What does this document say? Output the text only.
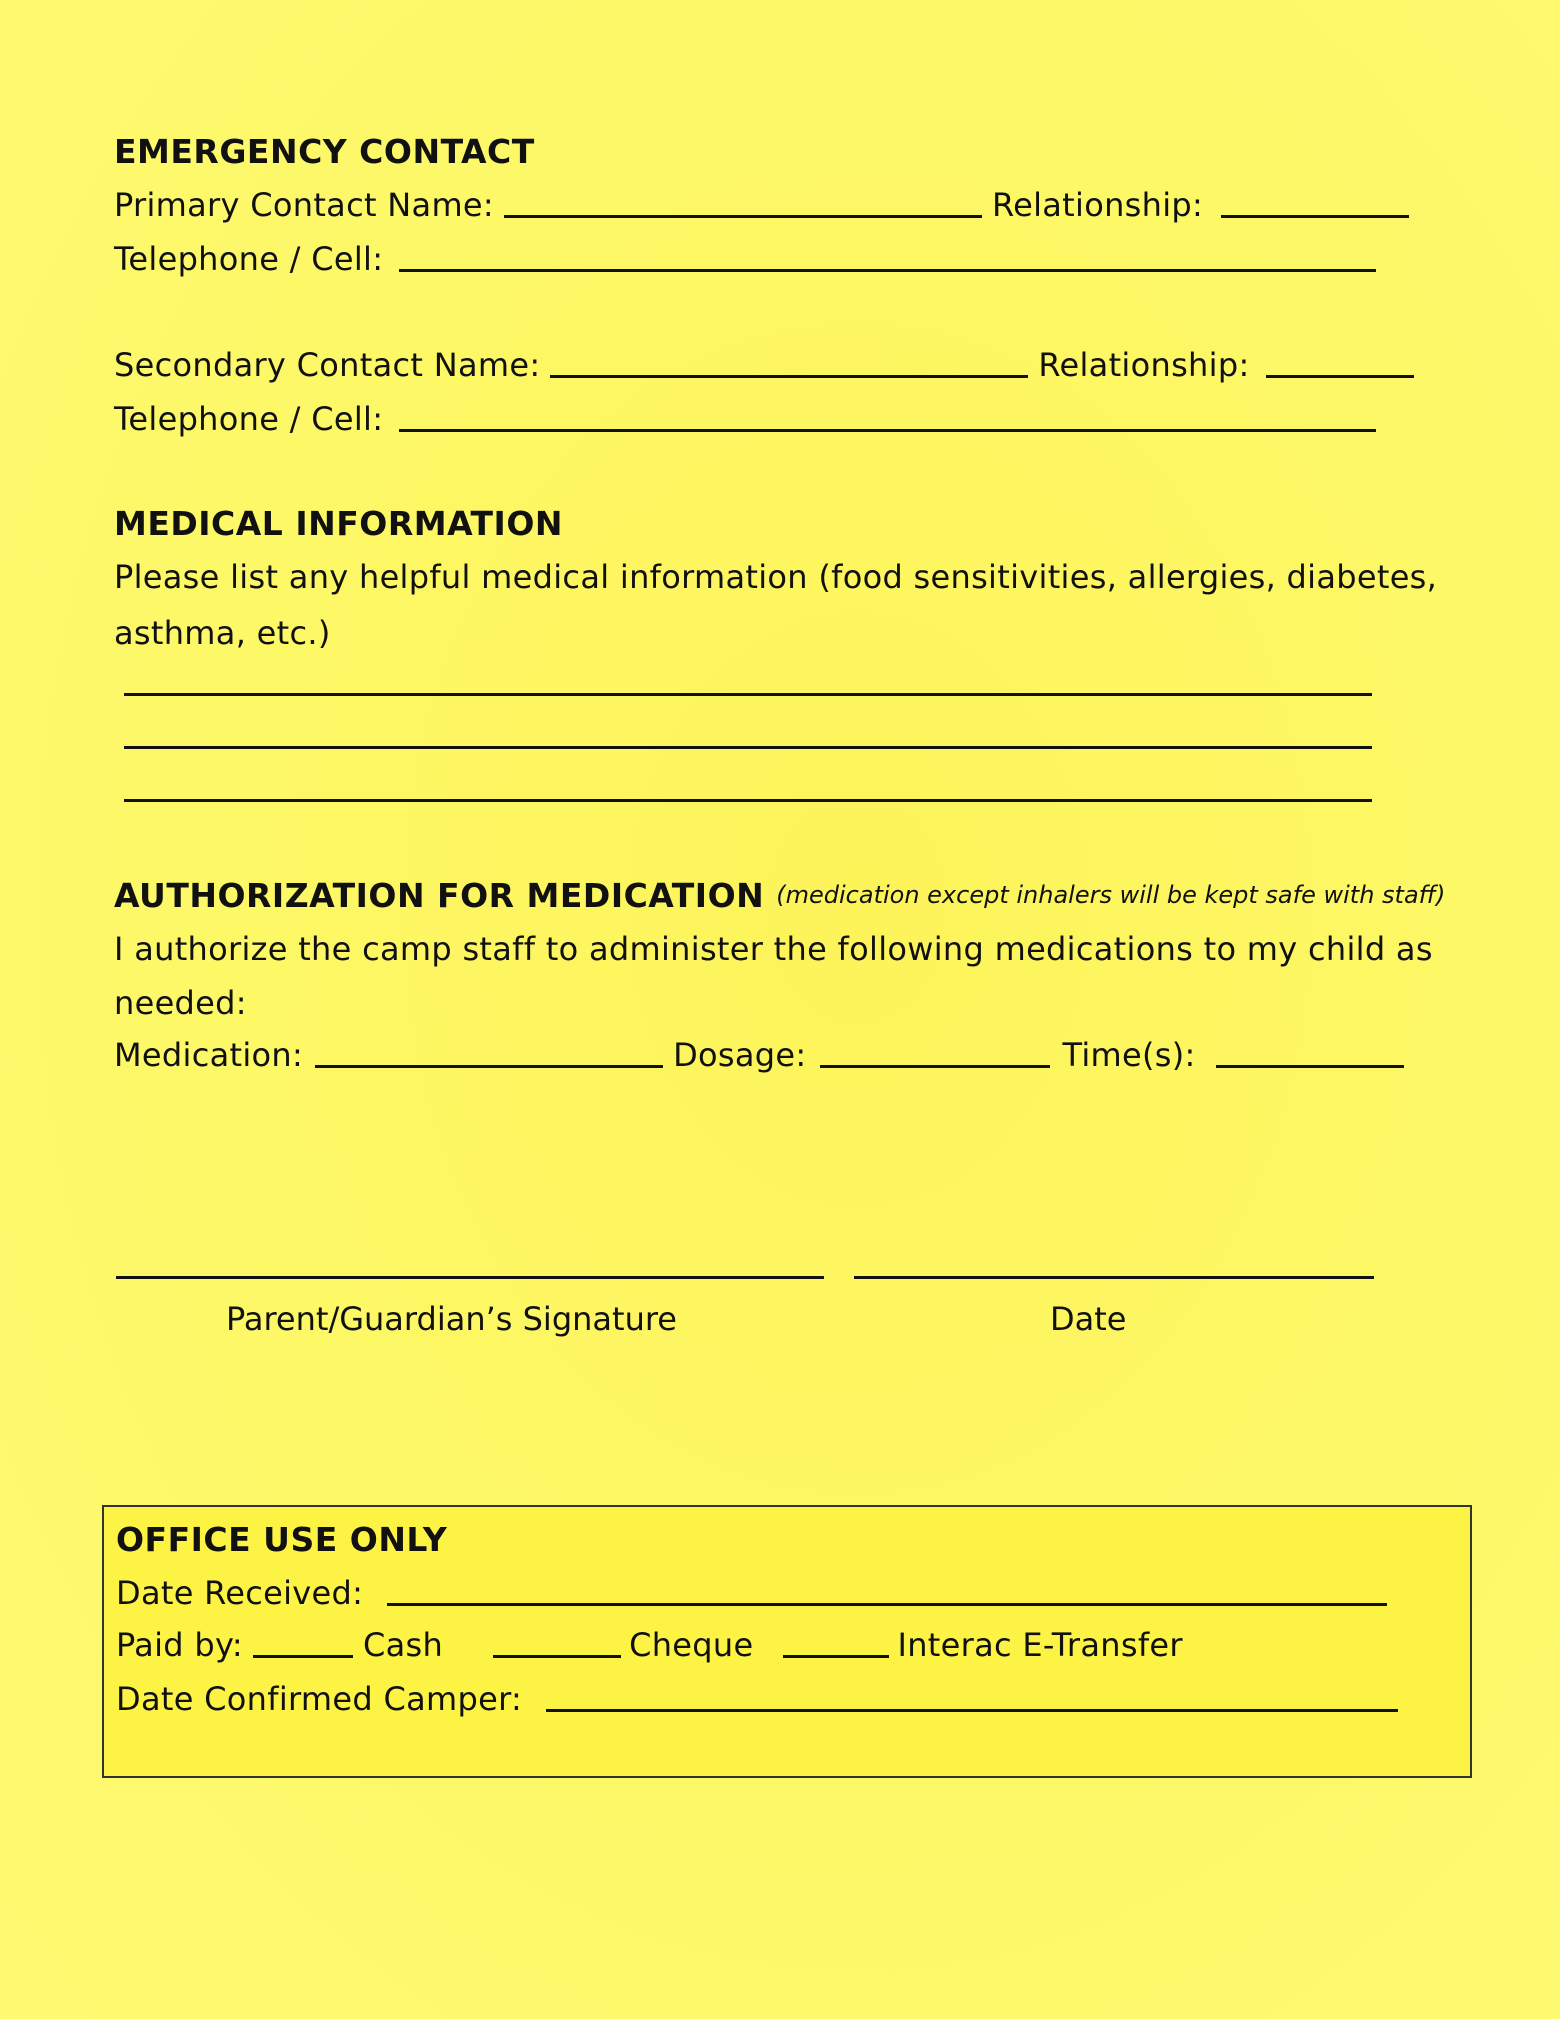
EMERGENCY CONTACT
Primary Contact Name:	Relationship:
Telephone / Cell:
Secondary Contact Name:	Relationship:
Telephone / Cell:
MEDICAL INFORMATION
Please list any helpful medical information (food sensitivities, allergies, diabetes,
asthma, etc.)
AUTHORIZATION FOR MEDICATION (medication except inhalers will be kept safe with staff)
I authorize the camp staff to administer the following medications to my child as
needed:
Medication:	Dosage:	Time(s):
Parent/Guardian’s Signature	Date
OFFICE USE ONLY
Date Received:
Paid by:	Cash	Cheque	Interac E-Transfer
Date Confirmed Camper:
